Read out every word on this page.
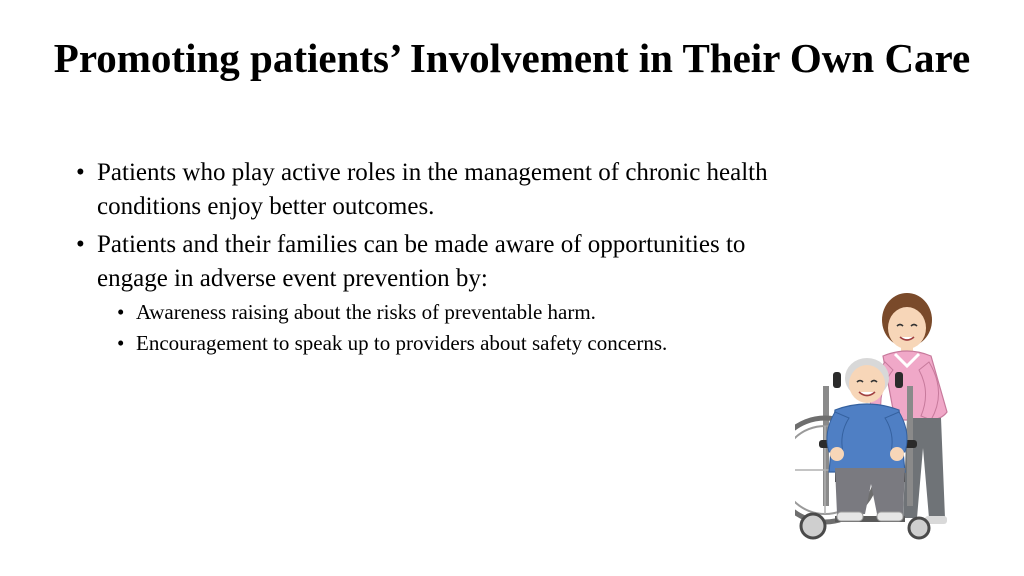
Promoting patients’ Involvement in Their Own Care
• Patients who play active roles in the management of chronic health conditions enjoy better outcomes.
• Patients and their families can be made aware of opportunities to engage in adverse event prevention by:
• Awareness raising about the risks of preventable harm.
• Encouragement to speak up to providers about safety concerns.
